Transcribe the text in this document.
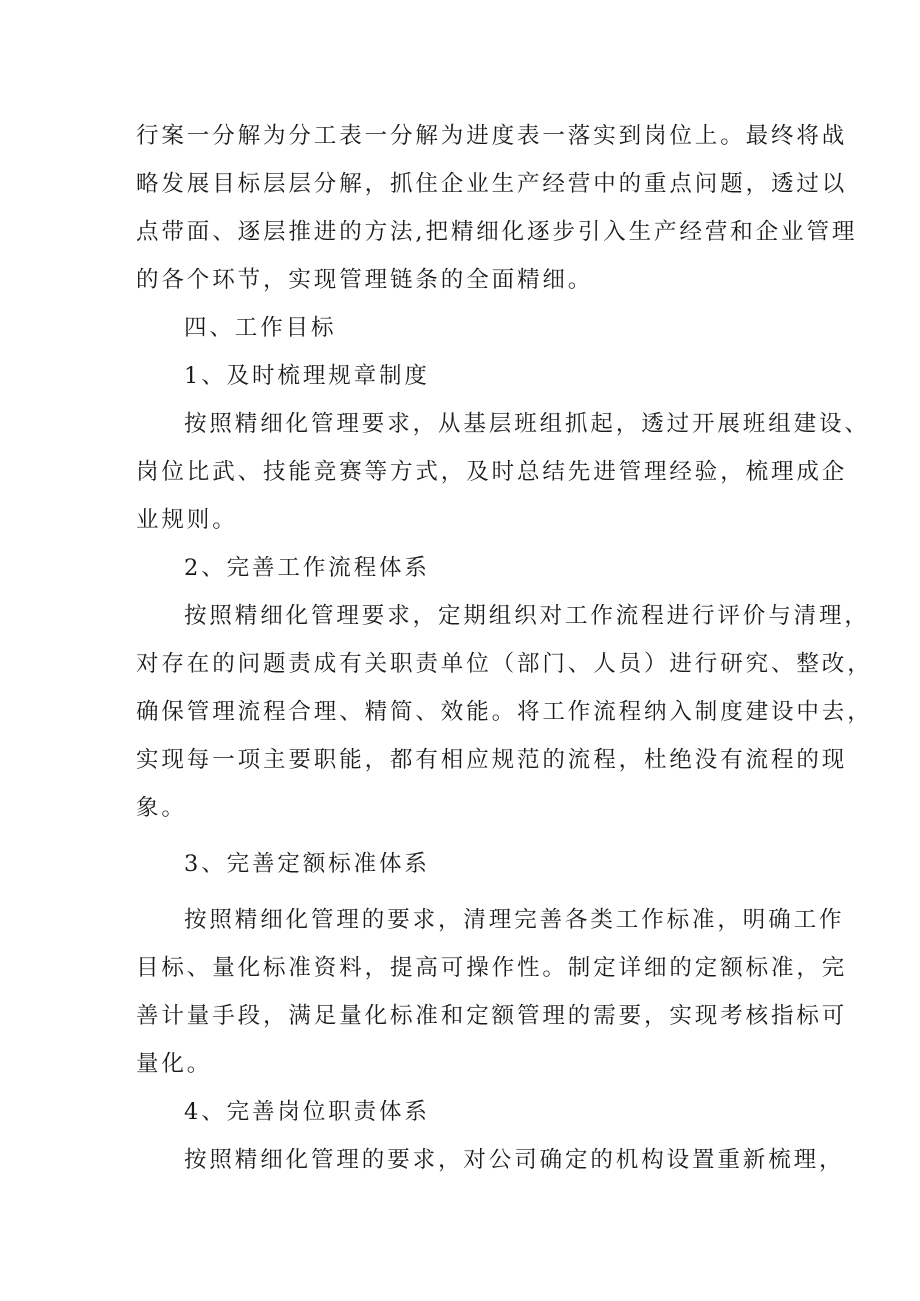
行案一分解为分工表一分解为进度表一落实到岗位上。最终将战

略发展目标层层分解，抓住企业生产经营中的重点问题，透过以

点带面、逐层推进的方法,把精细化逐步引入生产经营和企业管理

的各个环节，实现管理链条的全面精细。

四、工作目标

1、及时梳理规章制度

按照精细化管理要求，从基层班组抓起，透过开展班组建设、

岗位比武、技能竞赛等方式，及时总结先进管理经验，梳理成企

业规则。

2、完善工作流程体系

按照精细化管理要求，定期组织对工作流程进行评价与清理，

对存在的问题责成有关职责单位（部门、人员）进行研究、整改，

确保管理流程合理、精简、效能。将工作流程纳入制度建设中去，

实现每一项主要职能，都有相应规范的流程，杜绝没有流程的现

象。

3、完善定额标准体系

按照精细化管理的要求，清理完善各类工作标准，明确工作

目标、量化标准资料，提高可操作性。制定详细的定额标准，完

善计量手段，满足量化标准和定额管理的需要，实现考核指标可

量化。

4、完善岗位职责体系

按照精细化管理的要求，对公司确定的机构设置重新梳理，
